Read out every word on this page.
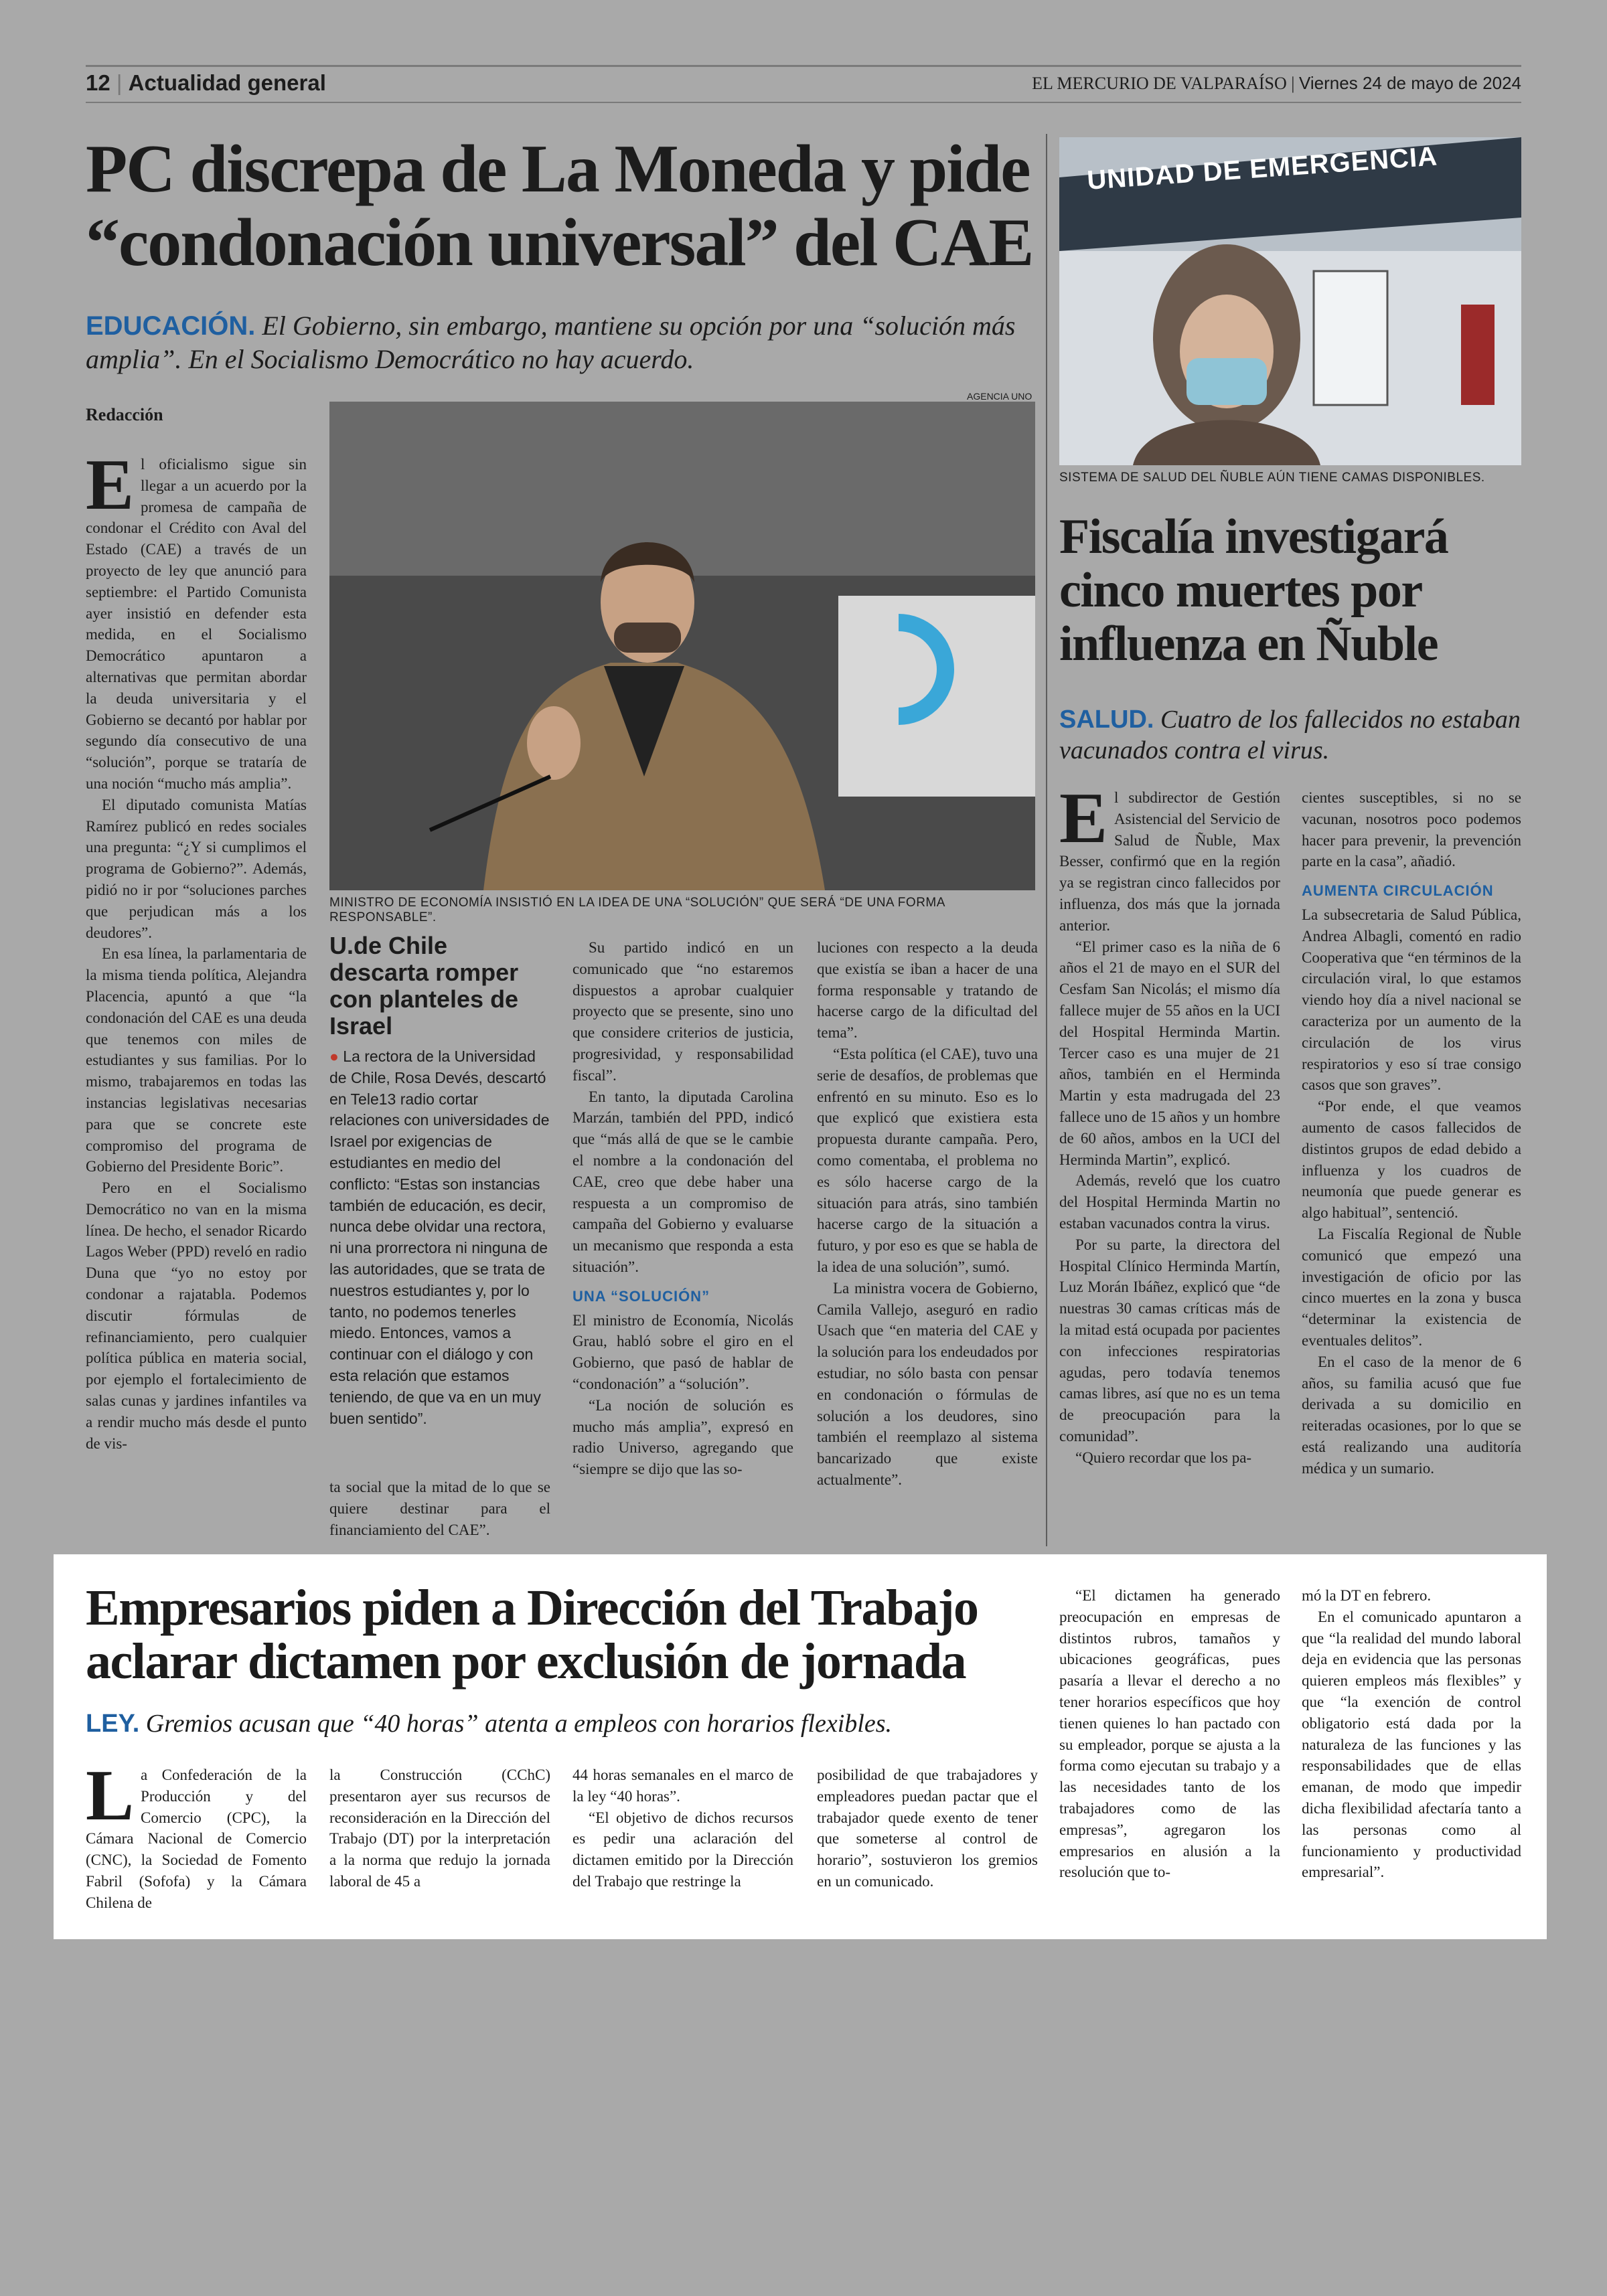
12 | Actualidad general	EL MERCURIO DE VALPARAÍSO | Viernes 24 de mayo de 2024
PC discrepa de La Moneda y pide
“condonación universal” del CAE
EDUCACIÓN. El Gobierno, sin embargo, mantiene su opción por una “solución más amplia”. En el Socialismo Democrático no hay acuerdo.
Redacción
E l oficialismo sigue sin llegar a un acuerdo por la promesa de campaña de condonar el Crédito con Aval del Estado (CAE) a través de un proyecto de ley que anunció para septiembre: el Partido Comunista ayer insistió en defender esta medida, en el Socialismo Democrático apuntaron a alternativas que permitan abordar la deuda universitaria y el Gobierno se decantó por hablar por segundo día consecutivo de una “solución”, porque se trataría de una noción “mucho más amplia”.

El diputado comunista Matías Ramírez publicó en redes sociales una pregunta: “¿Y si cumplimos el programa de Gobierno?”. Además, pidió no ir por “soluciones parches que perjudican más a los deudores”.

En esa línea, la parlamentaria de la misma tienda política, Alejandra Placencia, apuntó a que “la condonación del CAE es una deuda que tenemos con miles de estudiantes y sus familias. Por lo mismo, trabajaremos en todas las instancias legislativas necesarias para que se concrete este compromiso del programa de Gobierno del Presidente Boric”.

Pero en el Socialismo Democrático no van en la misma línea. De hecho, el senador Ricardo Lagos Weber (PPD) reveló en radio Duna que “yo no estoy por condonar a rajatabla. Podemos discutir fórmulas de refinanciamiento, pero cualquier política pública en materia social, por ejemplo el fortalecimiento de salas cunas y jardines infantiles va a rendir mucho más desde el punto de vis-

AGENCIA UNO
MINISTRO DE ECONOMÍA INSISTIÓ EN LA IDEA DE UNA “SOLUCIÓN” QUE SERÁ “DE UNA FORMA RESPONSABLE”.
U.de Chile descarta romper con planteles de Israel
● La rectora de la Universidad de Chile, Rosa Devés, descartó en Tele13 radio cortar relaciones con universidades de Israel por exigencias de estudiantes en medio del conflicto: “Estas son instancias también de educación, es decir, nunca debe olvidar una rectora, ni una prorrectora ni ninguna de las autoridades, que se trata de nuestros estudiantes y, por lo tanto, no podemos tenerles miedo. Entonces, vamos a continuar con el diálogo y con esta relación que estamos teniendo, de que va en un muy buen sentido”.

ta social que la mitad de lo que se quiere destinar para el financiamiento del CAE”.

Su partido indicó en un comunicado que “no estaremos dispuestos a aprobar cualquier proyecto que se presente, sino uno que considere criterios de justicia, progresividad, y responsabilidad fiscal”.

En tanto, la diputada Carolina Marzán, también del PPD, indicó que “más allá de que se le cambie el nombre a la condonación del CAE, creo que debe haber una respuesta a un compromiso de campaña del Gobierno y evaluarse un mecanismo que responda a esta situación”.

UNA “SOLUCIÓN”

El ministro de Economía, Nicolás Grau, habló sobre el giro en el Gobierno, que pasó de hablar de “condonación” a “solución”.

“La noción de solución es mucho más amplia”, expresó en radio Universo, agregando que “siempre se dijo que las so-

luciones con respecto a la deuda que existía se iban a hacer de una forma responsable y tratando de hacerse cargo de la dificultad del tema”.

“Esta política (el CAE), tuvo una serie de desafíos, de problemas que enfrentó en su minuto. Eso es lo que explicó que existiera esta propuesta durante campaña. Pero, como comentaba, el problema no es sólo hacerse cargo de la situación para atrás, sino también hacerse cargo de la situación a futuro, y por eso es que se habla de la idea de una solución”, sumó.

La ministra vocera de Gobierno, Camila Vallejo, aseguró en radio Usach que “en materia del CAE y la solución para los endeudados por estudiar, no sólo basta con pensar en condonación o fórmulas de solución a los deudores, sino también el reemplazo al sistema bancarizado que existe actualmente”.

UNIDAD DE EMERGENCIA
SISTEMA DE SALUD DEL ÑUBLE AÚN TIENE CAMAS DISPONIBLES.
Fiscalía investigará cinco muertes por influenza en Ñuble
SALUD. Cuatro de los fallecidos no estaban vacunados contra el virus.
E l subdirector de Gestión Asistencial del Servicio de Salud de Ñuble, Max Besser, confirmó que en la región ya se registran cinco fallecidos por influenza, dos más que la jornada anterior.

“El primer caso es la niña de 6 años el 21 de mayo en el SUR del Cesfam San Nicolás; el mismo día fallece mujer de 55 años en la UCI del Hospital Herminda Martin. Tercer caso es una mujer de 21 años, también en el Herminda Martin y esta madrugada del 23 fallece uno de 15 años y un hombre de 60 años, ambos en la UCI del Herminda Martin”, explicó.

Además, reveló que los cuatro del Hospital Herminda Martin no estaban vacunados contra la virus.

Por su parte, la directora del Hospital Clínico Herminda Martín, Luz Morán Ibáñez, explicó que “de nuestras 30 camas críticas más de la mitad está ocupada por pacientes con infecciones respiratorias agudas, pero todavía tenemos camas libres, así que no es un tema de preocupación para la comunidad”.

“Quiero recordar que los pa-

cientes susceptibles, si no se vacunan, nosotros poco podemos hacer para prevenir, la prevención parte en la casa”, añadió.

AUMENTA CIRCULACIÓN

La subsecretaria de Salud Pública, Andrea Albagli, comentó en radio Cooperativa que “en términos de la circulación viral, lo que estamos viendo hoy día a nivel nacional se caracteriza por un aumento de la circulación de los virus respiratorios y eso sí trae consigo casos que son graves”.

“Por ende, el que veamos aumento de casos fallecidos de distintos grupos de edad debido a influenza y los cuadros de neumonía que puede generar es algo habitual”, sentenció.

La Fiscalía Regional de Ñuble comunicó que empezó una investigación de oficio por las cinco muertes en la zona y busca “determinar la existencia de eventuales delitos”.

En el caso de la menor de 6 años, su familia acusó que fue derivada a su domicilio en reiteradas ocasiones, por lo que se está realizando una auditoría médica y un sumario.

Empresarios piden a Dirección del Trabajo
aclarar dictamen por exclusión de jornada
LEY. Gremios acusan que “40 horas” atenta a empleos con horarios flexibles.
L a Confederación de la Producción y del Comercio (CPC), la Cámara Nacional de Comercio (CNC), la Sociedad de Fomento Fabril (Sofofa) y la Cámara Chilena de

la Construcción (CChC) presentaron ayer sus recursos de reconsideración en la Dirección del Trabajo (DT) por la interpretación a la norma que redujo la jornada laboral de 45 a

44 horas semanales en el marco de la ley “40 horas”.

“El objetivo de dichos recursos es pedir una aclaración del dictamen emitido por la Dirección del Trabajo que restringe la

posibilidad de que trabajadores y empleadores puedan pactar que el trabajador quede exento de tener que someterse al control de horario”, sostuvieron los gremios en un comunicado.

“El dictamen ha generado preocupación en empresas de distintos rubros, tamaños y ubicaciones geográficas, pues pasaría a llevar el derecho a no tener horarios específicos que hoy tienen quienes lo han pactado con su empleador, porque se ajusta a la forma como ejecutan su trabajo y a las necesidades tanto de los trabajadores como de las empresas”, agregaron los empresarios en alusión a la resolución que to-

mó la DT en febrero.

En el comunicado apuntaron a que “la realidad del mundo laboral deja en evidencia que las personas quieren empleos más flexibles” y que “la exención de control obligatorio está dada por la naturaleza de las funciones y las responsabilidades que de ellas emanan, de modo que impedir dicha flexibilidad afectaría tanto a las personas como al funcionamiento y productividad empresarial”.
